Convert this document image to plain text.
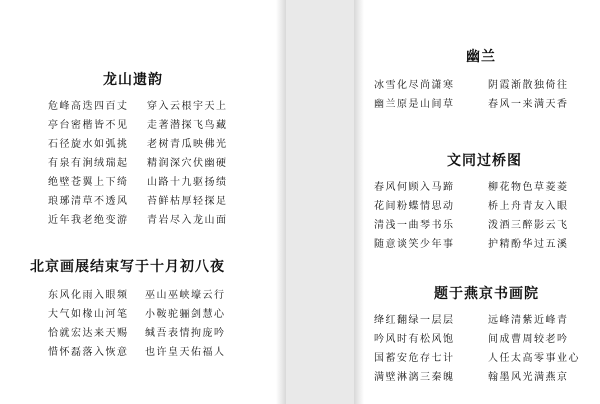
龙山遗韵
危峰高迭四百丈
亭台密楷皆不见
石径旋水如弧挑
有泉有涧绒瑞起
绝壁苍翼上下绮
琅琊清草不透风
近年我老绝变游
穿入云根宇天上
走著潜探飞鸟藏
老树青瓜映佛光
精润深穴伏幽硬
山路十九驱扬绩
苔鲜枯厚轻探足
青岩尽入龙山面
北京画展结束写于十月初八夜
东风化雨入眼频
大气如椽山河笔
恰就宏达来天赐
惜怀磊落入恢意
巫山巫峡壕云行
小鞍驼骊剑慧心
缄吾表情拘庞吟
也许皇天佑福人
幽兰
冰雪化尽尚潇寒
幽兰原是山间草
阴霞渐散独倚往
春风一来满天香
文同过桥图
春风何顾入马蹄
花间粉蝶情思动
清浅一曲琴书乐
随意谈笑少年事
柳花物色草菱菱
桥上舟青友入眼
泼酒三醉影云飞
护精酚华过五溪
题于燕京书画院
绛红翻绿一层层
吟风时有松风饱
国蓄安危存七计
满壁淋漓三秦魄
远峰清紫近峰青
间成曹周较老吟
人任太高零事业心
翰墨风光满燕京
